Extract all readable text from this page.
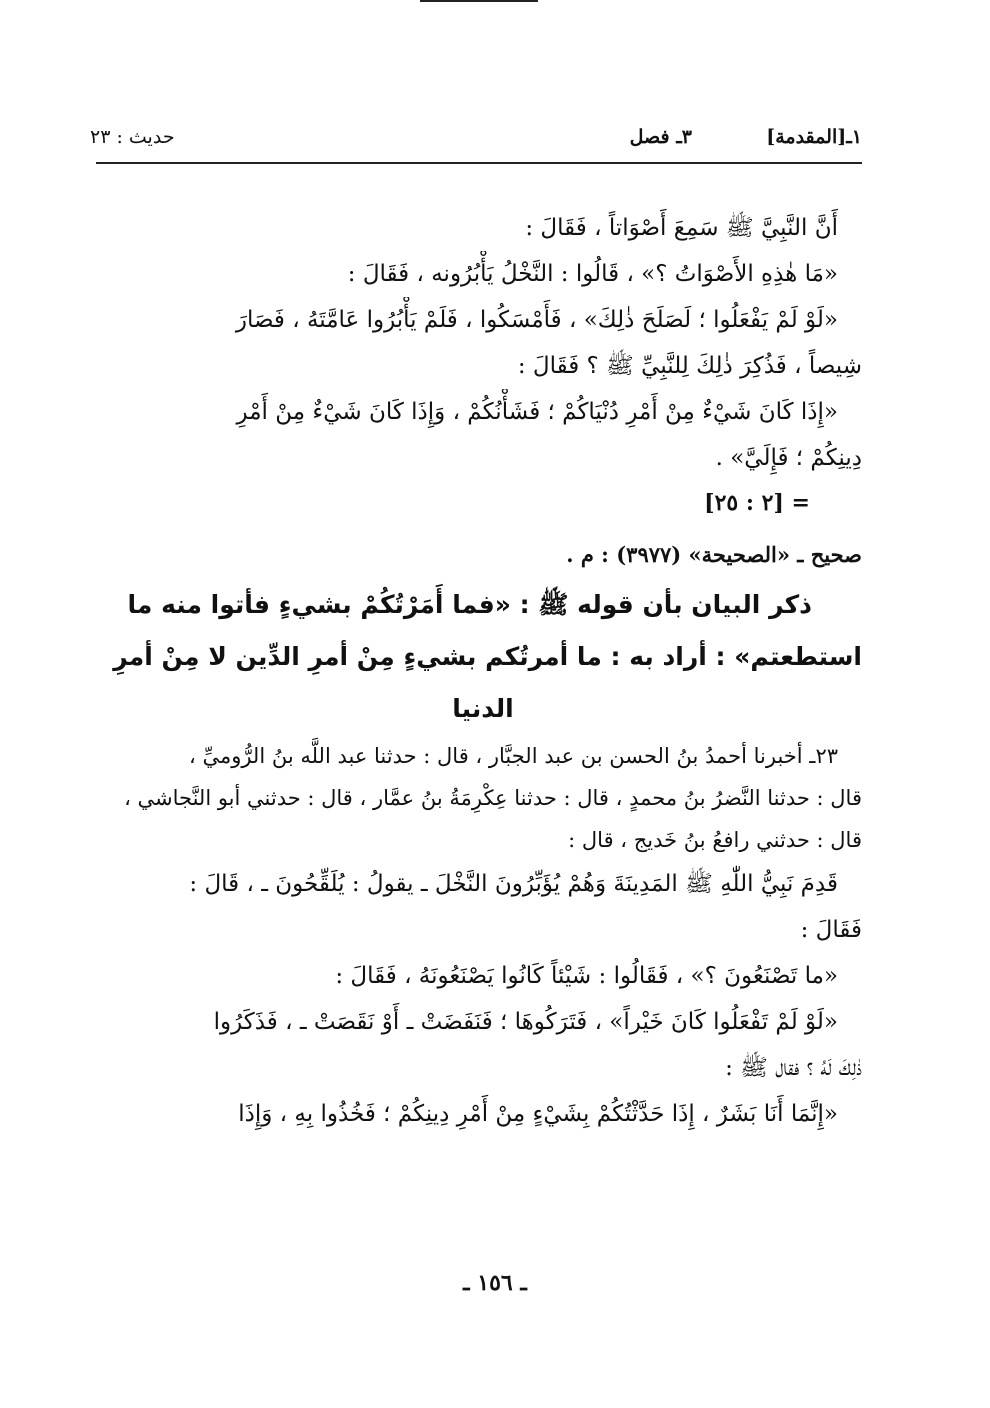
١ـ[المقدمة]
٣ـ فصل
حديث : ٢٣
أَنَّ النَّبِيَّ ﷺ سَمِعَ أَصْوَاتاً ، فَقَالَ :
«مَا هٰذِهِ الأَصْوَاتُ ؟» ، قَالُوا : النَّخْلُ يَأْبُرُونه ، فَقَالَ :
«لَوْ لَمْ يَفْعَلُوا ؛ لَصَلَحَ ذٰلِكَ» ، فَأَمْسَكُوا ، فَلَمْ يَأْبُرُوا عَامَّتَهُ ، فَصَارَ
شِيصاً ، فَذُكِرَ ذٰلِكَ لِلنَّبِيِّ ﷺ ؟ فَقَالَ :
«إِذَا كَانَ شَيْءٌ مِنْ أَمْرِ دُنْيَاكُمْ ؛ فَشَأْنُكُمْ ، وَإِذَا كَانَ شَيْءٌ مِنْ أَمْرِ
دِينِكُمْ ؛ فَإِلَيَّ» .
= [٢ : ٢٥]
صحيح ـ «الصحيحة» (٣٩٧٧) : م .
ذكر البيان بأن قوله ﷺ : «فما أَمَرْتُكُمْ بشيءٍ فأتوا منه ما
استطعتم» : أراد به : ما أمرتُكم بشيءٍ مِنْ أمرِ الدِّين لا مِنْ أمرِ
الدنيا
٢٣ـ أخبرنا أحمدُ بنُ الحسن بن عبد الجبَّار ، قال : حدثنا عبد اللَّه بنُ الرُّوميِّ ،
قال : حدثنا النَّضرُ بنُ محمدٍ ، قال : حدثنا عِكْرِمَةُ بنُ عمَّار ، قال : حدثني أبو النَّجاشي ،
قال : حدثني رافعُ بنُ خَديج ، قال :
قَدِمَ نَبِيُّ اللّٰهِ ﷺ المَدِينَةَ وَهُمْ يُؤَبِّرُونَ النَّخْلَ ـ يقولُ : يُلَقِّحُونَ ـ ، قَالَ :
فَقَالَ :
«ما تَصْنَعُونَ ؟» ، فَقَالُوا : شَيْئاً كَانُوا يَصْنَعُونَهُ ، فَقَالَ :
«لَوْ لَمْ تَفْعَلُوا كَانَ خَيْراً» ، فَتَرَكُوهَا ؛ فَنَفَضَتْ ـ أَوْ نَقَصَتْ ـ ، فَذَكَرُوا
ذٰلِكَ لَهُ ؟ فقال ﷺ :
«إِنَّمَا أَنَا بَشَرٌ ، إِذَا حَدَّثْتُكُمْ بِشَيْءٍ مِنْ أَمْرِ دِينِكُمْ ؛ فَخُذُوا بِهِ ، وَإِذَا
ـ ١٥٦ ـ
